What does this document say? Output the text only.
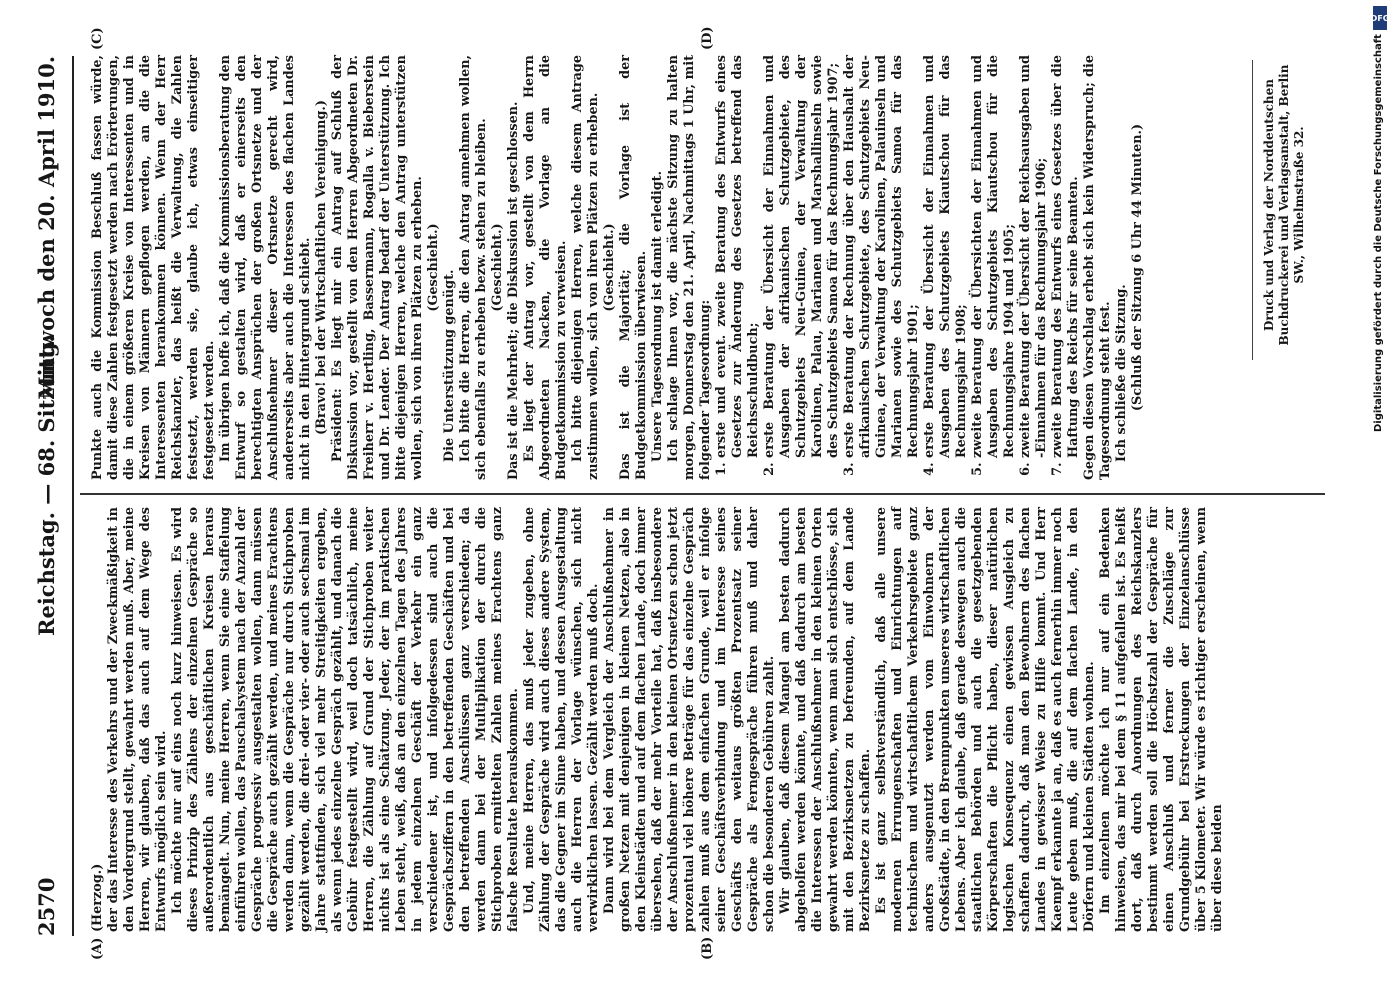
2570
Reichstag. — 68. Sitzung.
Mittwoch den 20. April 1910.
(A)	(B)
(C)	(D)

(Herzog.) der das Interesse des Verkehrs und der Zweckmäßigkeit in den Vordergrund stellt, gewahrt werden muß. Aber, meine Herren, wir glauben, daß das auch auf dem Wege des Entwurfs möglich sein wird. Ich möchte nur auf eins noch kurz hinweisen. Es wird dieses Prinzip des Zählens der einzelnen Gespräche so außerordentlich aus geschäftlichen Kreisen heraus bemängelt. Nun, meine Herren, wenn Sie eine Staffelung einführen wollen, das Pauschalsystem nach der Anzahl der Gespräche progressiv ausgestalten wollen, dann müssen die Gespräche auch gezählt werden, und meines Erachtens werden dann, wenn die Gespräche nur durch Stichproben gezählt werden, die drei- oder vier- oder auch sechsmal im Jahre stattfinden, sich viel mehr Streitigkeiten ergeben, als wenn jedes einzelne Gespräch gezählt, und danach die Gebühr festgestellt wird, weil doch tatsächlich, meine Herren, die Zählung auf Grund der Stichproben weiter nichts ist als eine Schätzung. Jeder, der im praktischen Leben steht, weiß, daß an den einzelnen Tagen des Jahres in jedem einzelnen Geschäft der Verkehr ein ganz verschiedener ist, und infolgedessen sind auch die Gesprächsziffern in den betreffenden Geschäften und bei den betreffenden Anschlüssen ganz verschieden; da werden dann bei der Multiplikation der durch die Stichproben ermittelten Zahlen meines Erachtens ganz falsche Resultate herauskommen. Und, meine Herren, das muß jeder zugeben, ohne Zählung der Gespräche wird auch dieses andere System, das die Gegner im Sinne haben, und dessen Ausgestaltung auch die Herren der Vorlage wünschen, sich nicht verwirklichen lassen. Gezählt werden muß doch. Dann wird bei dem Vergleich der Anschlußnehmer in großen Netzen mit denjenigen in kleinen Netzen, also in den Kleinstädten und auf dem flachen Lande, doch immer übersehen, daß der mehr Vorteile hat, daß insbesondere der Anschlußnehmer in den kleinen Ortsnetzen schon jetzt prozentual viel höhere Beträge für das einzelne Gespräch zahlen muß aus dem einfachen Grunde, weil er infolge seiner Geschäftsverbindung und im Interesse seines Geschäfts den weitaus größten Prozentsatz seiner Gespräche als Ferngespräche führen muß und daher schon die besonderen Gebühren zahlt. Wir glauben, daß diesem Mangel am besten dadurch abgeholfen werden könnte, und daß dadurch am besten die Interessen der Anschlußnehmer in den kleinen Orten gewahrt werden könnten, wenn man sich entschlösse, sich mit den Bezirksnetzen zu befreunden, auf dem Lande Bezirksnetze zu schaffen. Es ist ganz selbstverständlich, daß alle unsere modernen Errungenschaften und Einrichtungen auf technischem und wirtschaftlichem Verkehrsgebiete ganz anders ausgenutzt werden vom Einwohnern der Großstädte, in den Brennpunkten unseres wirtschaftlichen Lebens. Aber ich glaube, daß gerade deswegen auch die staatlichen Behörden und auch die gesetzgebenden Körperschaften die Pflicht haben, dieser natürlichen logischen Konsequenz einen gewissen Ausgleich zu schaffen dadurch, daß man den Bewohnern des flachen Landes in gewisser Weise zu Hilfe kommt. Und Herr Kaempf erkannte ja an, daß es auch fernerhin immer noch Leute geben muß, die auf dem flachen Lande, in den Dörfern und kleinen Städten wohnen. Im einzelnen möchte ich nur auf ein Bedenken hinweisen, das mir bei dem § 11 aufgefallen ist. Es heißt dort, daß durch Anordnungen des Reichskanzlers bestimmt werden soll die Höchstzahl der Gespräche für einen Anschluß und ferner die Zuschläge zur Grundgebühr bei Erstreckungen der Einzelanschlüsse über 5 Kilometer. Wir würde es richtiger erscheinen, wenn über diese beiden

Punkte auch die Kommission Beschluß fassen würde, damit diese Zahlen festgesetzt werden nach Erörterungen, die in einem größeren Kreise von Interessenten und in Kreisen von Männern gepflogen werden, an die die Interessenten herankommen können. Wenn der Herr Reichskanzler, das heißt die Verwaltung, die Zahlen festsetzt, werden sie, glaube ich, etwas einseitiger festgesetzt werden. Im übrigen hoffe ich, daß die Kommissionsberatung den Entwurf so gestalten wird, daß er einerseits den berechtigten Ansprüchen der großen Ortsnetze und der Anschlußnehmer dieser Ortsnetze gerecht wird, andererseits aber auch die Interessen des flachen Landes nicht in den Hintergrund schiebt. (Bravo! bei der Wirtschaftlichen Vereinigung.) Präsident: Es liegt mir ein Antrag auf Schluß der Diskussion vor, gestellt von den Herren Abgeordneten Dr. Freiherr v. Hertling, Bassermann, Rogalla v. Bieberstein und Dr. Lender. Der Antrag bedarf der Unterstützung. Ich bitte diejenigen Herren, welche den Antrag unterstützen wollen, sich von ihren Plätzen zu erheben. (Geschieht.)

Die Unterstützung genügt. Ich bitte die Herren, die den Antrag annehmen wollen, sich ebenfalls zu erheben bezw. stehen zu bleiben. (Geschieht.) Das ist die Mehrheit; die Diskussion ist geschlossen. Es liegt der Antrag vor, gestellt von dem Herrn Abgeordneten Nacken, die Vorlage an die Budgetkommission zu verweisen. Ich bitte diejenigen Herren, welche diesem Antrage zustimmen wollen, sich von ihren Plätzen zu erheben. (Geschieht.) Das ist die Majorität; die Vorlage ist der Budgetkommission überwiesen. Unsere Tagesordnung ist damit erledigt. Ich schlage Ihnen vor, die nächste Sitzung zu halten morgen, Donnerstag den 21. April, Nachmittags 1 Uhr, mit folgender Tagesordnung: 1. erste und event. zweite Beratung des Entwurfs eines Gesetzes zur Änderung des Gesetzes betreffend das Reichsschuldbuch; 2. erste Beratung der Übersicht der Einnahmen und Ausgaben der afrikanischen Schutzgebiete, des Schutzgebiets Neu-Guinea, der Verwaltung der Karolinen, Palau, Marianen und Marshallinseln sowie des Schutzgebiets Samoa für das Rechnungsjahr 1907; 3. erste Beratung der Rechnung über den Haushalt der afrikanischen Schutzgebiete, des Schutzgebiets Neu-Guinea, der Verwaltung der Karolinen, Palauinseln und Marianen sowie des Schutzgebiets Samoa für das Rechnungsjahr 1901; 4. erste Beratung der Übersicht der Einnahmen und Ausgaben des Schutzgebiets Kiautschou für das Rechnungsjahr 1908; 5. zweite Beratung der Übersichten der Einnahmen und Ausgaben des Schutzgebiets Kiautschou für die Rechnungsjahre 1904 und 1905; 6. zweite Beratung der Übersicht der Reichsausgaben und -Einnahmen für das Rechnungsjahr 1906; 7. zweite Beratung des Entwurfs eines Gesetzes über die Haftung des Reichs für seine Beamten. Gegen diesen Vorschlag erhebt sich kein Widerspruch; die Tagesordnung steht fest. Ich schließe die Sitzung. (Schluß der Sitzung 6 Uhr 44 Minuten.)	Druck und Verlag der Norddeutschen Buchdruckerei und Verlagsanstalt, Berlin SW., Wilhelmstraße 32.
DFG
Digitalisierung gefördert durch die Deutsche Forschungsgemeinschaft
